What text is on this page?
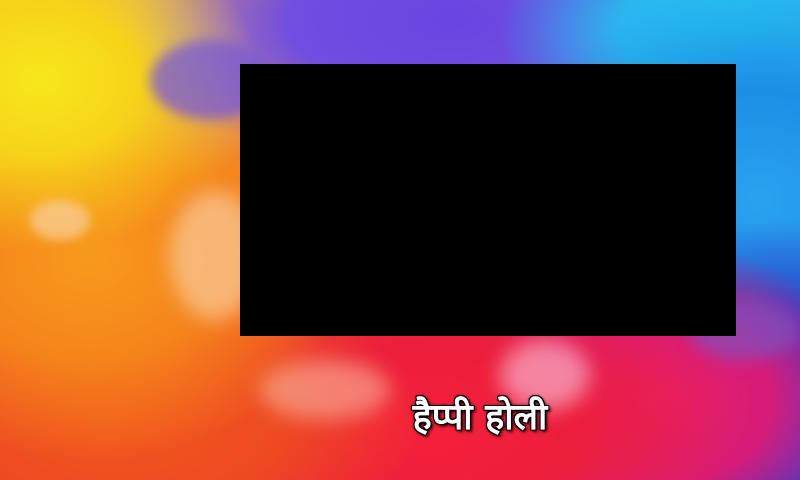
हैप्पी होली
